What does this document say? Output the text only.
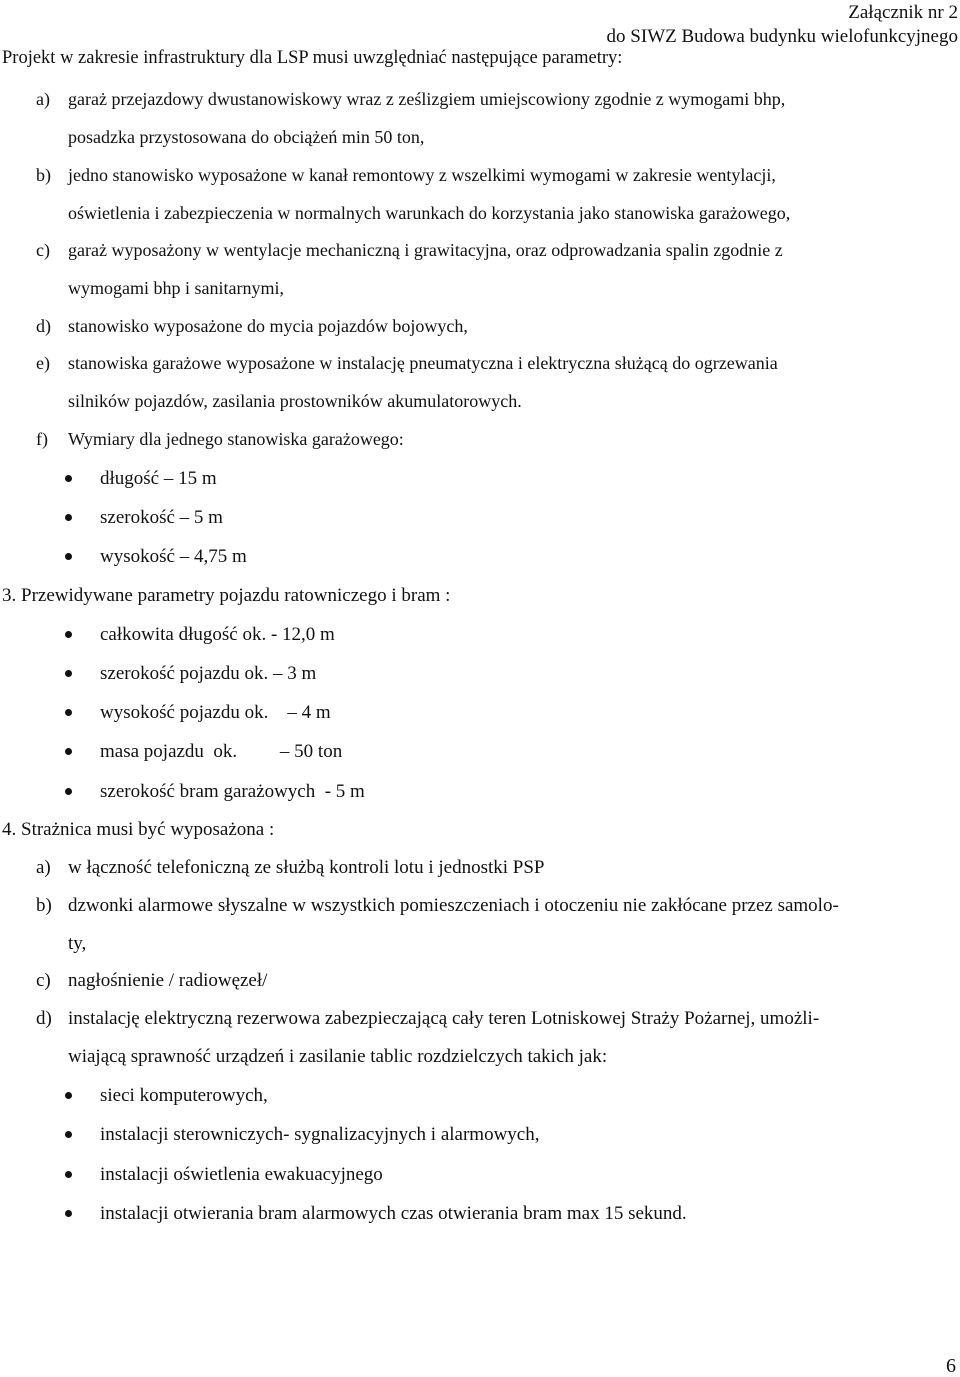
Załącznik nr 2
do SIWZ Budowa budynku wielofunkcyjnego
Projekt w zakresie infrastruktury dla LSP musi uwzględniać następujące parametry:
a) garaż przejazdowy dwustanowiskowy wraz z ześlizgiem umiejscowiony zgodnie z wymogami bhp,
posadzka przystosowana do obciążeń min 50 ton,
b) jedno stanowisko wyposażone w kanał remontowy z wszelkimi wymogami w zakresie wentylacji,
oświetlenia i zabezpieczenia w normalnych warunkach do korzystania jako stanowiska garażowego,
c) garaż wyposażony w wentylacje mechaniczną i grawitacyjna, oraz odprowadzania spalin zgodnie z
wymogami bhp i sanitarnymi,
d) stanowisko wyposażone do mycia pojazdów bojowych,
e) stanowiska garażowe wyposażone w instalację pneumatyczna i elektryczna służącą do ogrzewania
silników pojazdów, zasilania prostowników akumulatorowych.
f) Wymiary dla jednego stanowiska garażowego:
długość – 15 m
szerokość – 5 m
wysokość – 4,75 m
3. Przewidywane parametry pojazdu ratowniczego i bram :
całkowita długość ok. - 12,0 m
szerokość pojazdu ok. – 3 m
wysokość pojazdu ok.    – 4 m
masa pojazdu  ok.         – 50 ton
szerokość bram garażowych  - 5 m
4. Strażnica musi być wyposażona :
a) w łączność telefoniczną ze służbą kontroli lotu i jednostki PSP
b) dzwonki alarmowe słyszalne w wszystkich pomieszczeniach i otoczeniu nie zakłócane przez samolo-
ty,
c) nagłośnienie / radiowęzeł/
d) instalację elektryczną rezerwowa zabezpieczającą cały teren Lotniskowej Straży Pożarnej, umożli-
wiającą sprawność urządzeń i zasilanie tablic rozdzielczych takich jak:
sieci komputerowych,
instalacji sterowniczych- sygnalizacyjnych i alarmowych,
instalacji oświetlenia ewakuacyjnego
instalacji otwierania bram alarmowych czas otwierania bram max 15 sekund.
6
